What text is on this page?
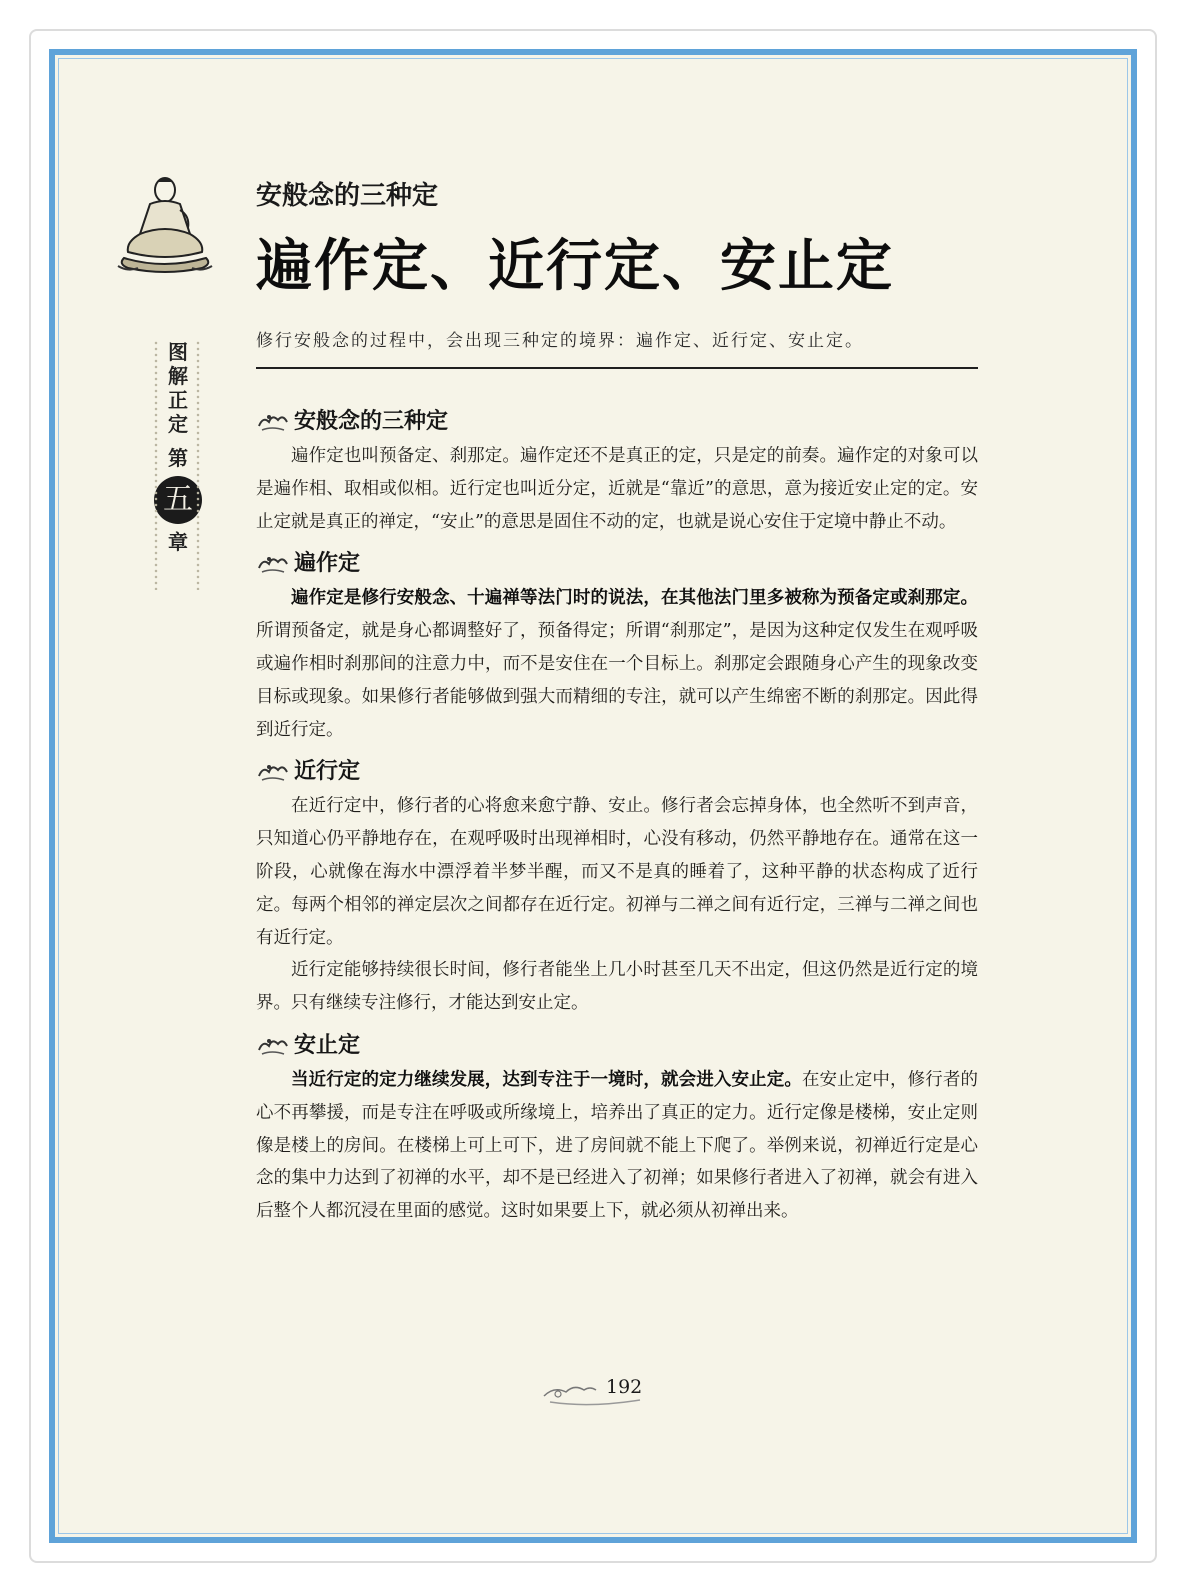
图
解
正
定
第
五
章
安般念的三种定
遍作定、近行定、安止定
修行安般念的过程中，会出现三种定的境界：遍作定、近行定、安止定。
安般念的三种定

遍作定也叫预备定、刹那定。遍作定还不是真正的定，只是定的前奏。遍作定的对象可以是遍作相、取相或似相。近行定也叫近分定，近就是“靠近”的意思，意为接近安止定的定。安止定就是真正的禅定，“安止”的意思是固住不动的定，也就是说心安住于定境中静止不动。

遍作定

遍作定是修行安般念、十遍禅等法门时的说法，在其他法门里多被称为预备定或刹那定。所谓预备定，就是身心都调整好了，预备得定；所谓“刹那定”，是因为这种定仅发生在观呼吸或遍作相时刹那间的注意力中，而不是安住在一个目标上。刹那定会跟随身心产生的现象改变目标或现象。如果修行者能够做到强大而精细的专注，就可以产生绵密不断的刹那定。因此得到近行定。

近行定

在近行定中，修行者的心将愈来愈宁静、安止。修行者会忘掉身体，也全然听不到声音，只知道心仍平静地存在，在观呼吸时出现禅相时，心没有移动，仍然平静地存在。通常在这一阶段，心就像在海水中漂浮着半梦半醒，而又不是真的睡着了，这种平静的状态构成了近行定。每两个相邻的禅定层次之间都存在近行定。初禅与二禅之间有近行定，三禅与二禅之间也有近行定。

近行定能够持续很长时间，修行者能坐上几小时甚至几天不出定，但这仍然是近行定的境界。只有继续专注修行，才能达到安止定。

安止定

当近行定的定力继续发展，达到专注于一境时，就会进入安止定。在安止定中，修行者的心不再攀援，而是专注在呼吸或所缘境上，培养出了真正的定力。近行定像是楼梯，安止定则像是楼上的房间。在楼梯上可上可下，进了房间就不能上下爬了。举例来说，初禅近行定是心念的集中力达到了初禅的水平，却不是已经进入了初禅；如果修行者进入了初禅，就会有进入后整个人都沉浸在里面的感觉。这时如果要上下，就必须从初禅出来。

192
